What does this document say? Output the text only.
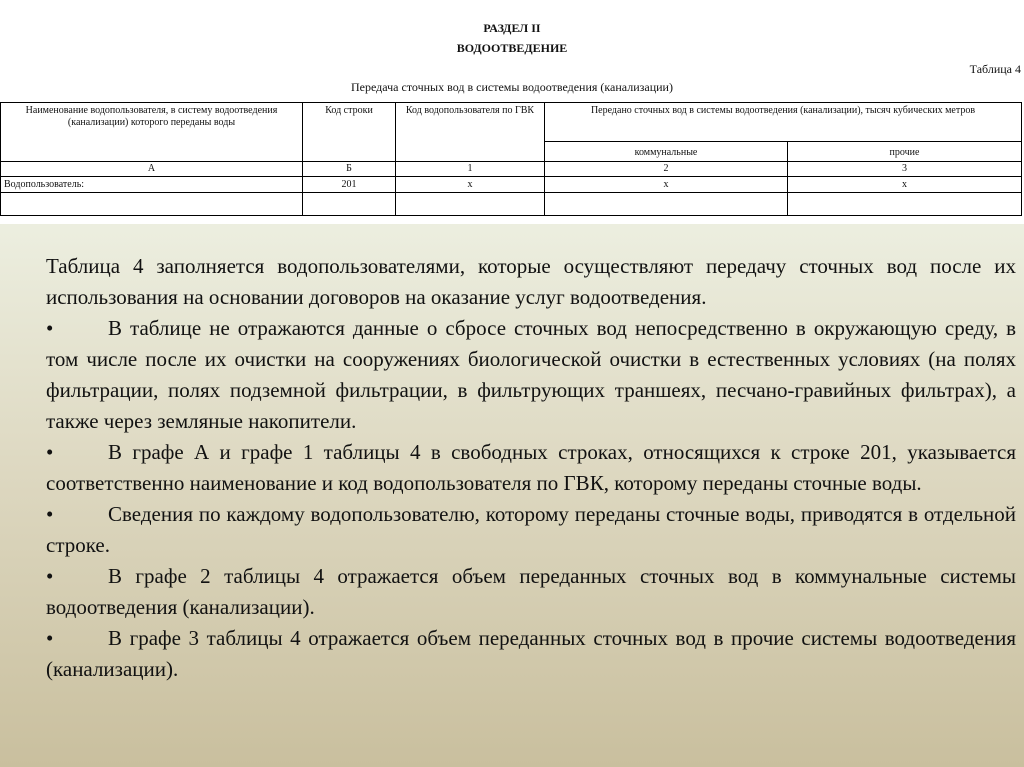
РАЗДЕЛ II
ВОДООТВЕДЕНИЕ
Таблица 4
Передача сточных вод в системы водоотведения (канализации)
Наименование водопользователя, в систему водоотведения (канализации) которого переданы воды	Код строки	Код водопользователя по ГВК	Передано сточных вод в системы водоотведения (канализации), тысяч кубических метров	
			коммунальные	прочие
А	Б	1	2	3
Водопользователь:	201	x	x	x

Таблица 4 заполняется водопользователями, которые осуществляют передачу сточных вод после их использования на основании договоров на оказание услуг водоотведения.

•	В таблице не отражаются данные о сбросе сточных вод непосредственно в окружающую среду, в том числе после их очистки на сооружениях биологической очистки в естественных условиях (на полях фильтрации, полях подземной фильтрации, в фильтрующих траншеях, песчано-гравийных фильтрах), а также через земляные накопители.

•	В графе А и графе 1 таблицы 4 в свободных строках, относящихся к строке 201, указывается соответственно наименование и код водопользователя по ГВК, которому переданы сточные воды.

•	Сведения по каждому водопользователю, которому переданы сточные воды, приводятся в отдельной строке.

•	В графе 2 таблицы 4 отражается объем переданных сточных вод в коммунальные системы водоотведения (канализации).

•	В графе 3 таблицы 4 отражается объем переданных сточных вод в прочие системы водоотведения (канализации).
